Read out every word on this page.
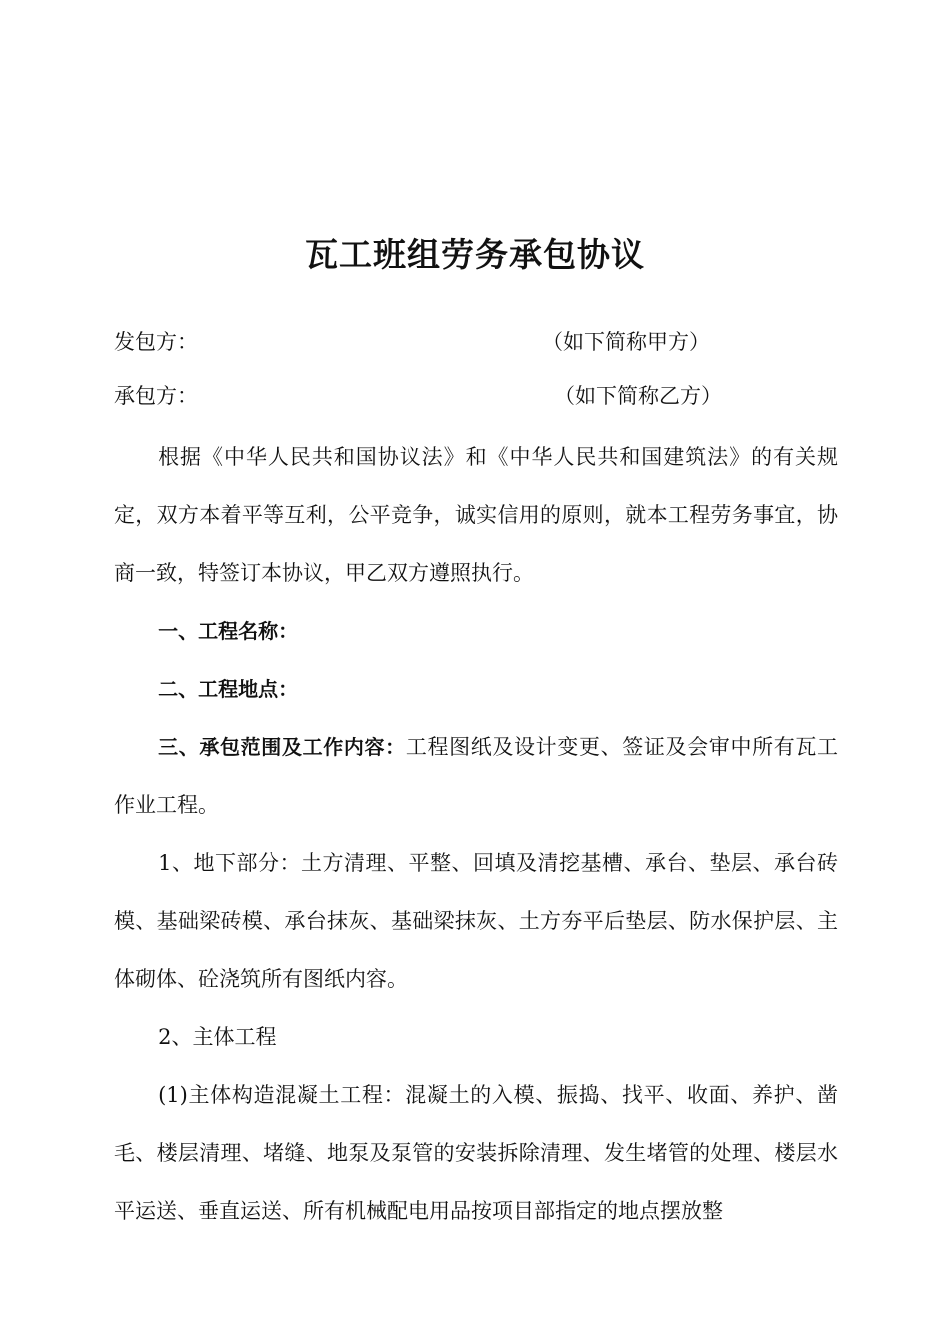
瓦工班组劳务承包协议
发包方：	（如下简称甲方）
承包方：	（如下简称乙方）

根据《中华人民共和国协议法》和《中华人民共和国建筑法》的有关规定，双方本着平等互利，公平竞争，诚实信用的原则，就本工程劳务事宜，协商一致，特签订本协议，甲乙双方遵照执行。

一、工程名称：

二、工程地点：

三、承包范围及工作内容：工程图纸及设计变更、签证及会审中所有瓦工作业工程。

1、地下部分：土方清理、平整、回填及清挖基槽、承台、垫层、承台砖模、基础梁砖模、承台抹灰、基础梁抹灰、土方夯平后垫层、防水保护层、主体砌体、砼浇筑所有图纸内容。

2、主体工程

(1)主体构造混凝土工程：混凝土的入模、振捣、找平、收面、养护、凿毛、楼层清理、堵缝、地泵及泵管的安装拆除清理、发生堵管的处理、楼层水平运送、垂直运送、所有机械配电用品按项目部指定的地点摆放整
